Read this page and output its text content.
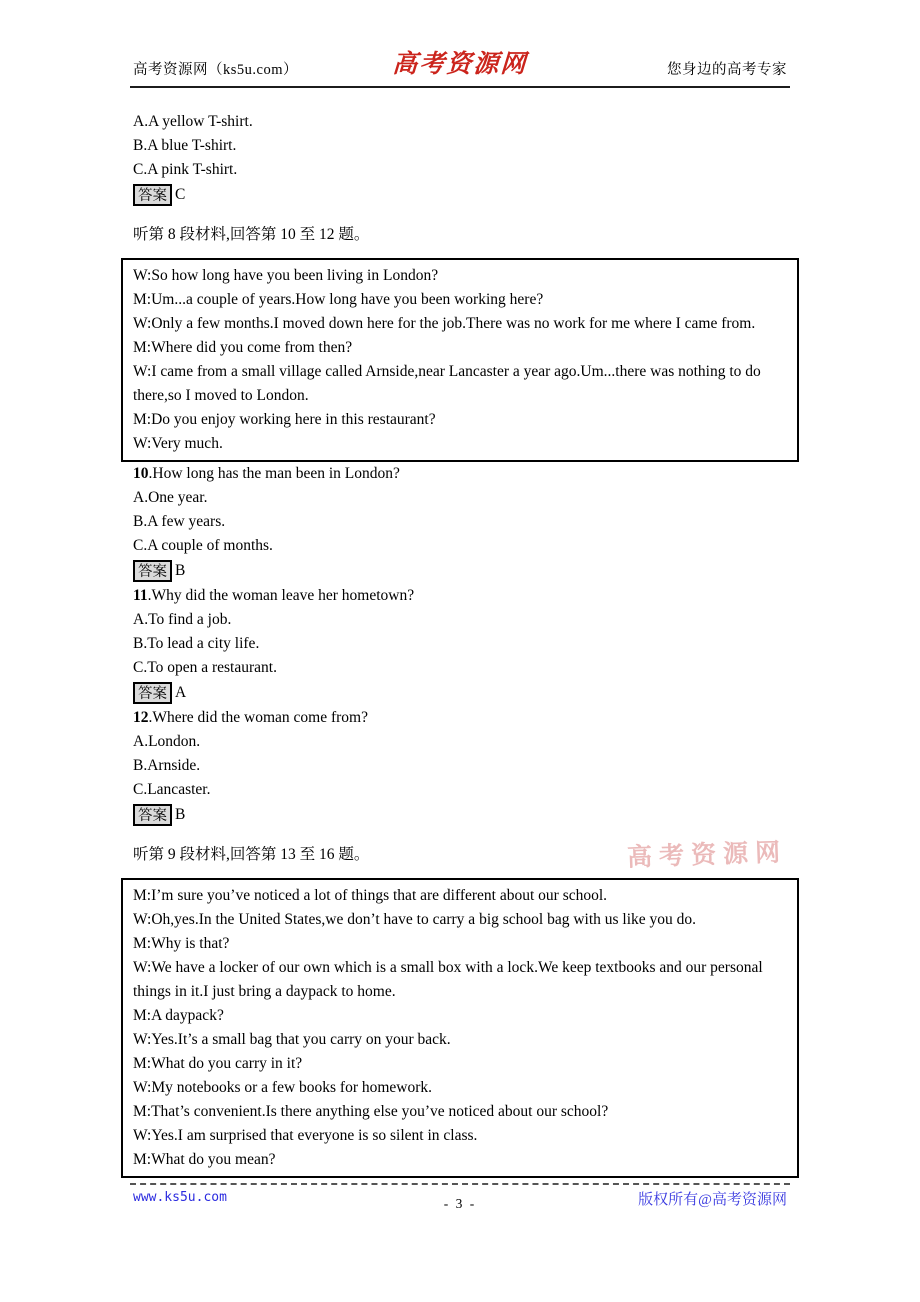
高考资源网（ks5u.com）	高考资源网	您身边的高考专家

A.A yellow T-shirt.

B.A blue T-shirt.

C.A pink T-shirt.

答案 C

听第 8 段材料,回答第 10 至 12 题。

W:So how long have you been living in London?

M:Um...a couple of years.How long have you been working here?

W:Only a few months.I moved down here for the job.There was no work for me where I came from.

M:Where did you come from then?

W:I came from a small village called Arnside,near Lancaster a year ago.Um...there was nothing to do there,so I moved to London.

M:Do you enjoy working here in this restaurant?

W:Very much.

10.How long has the man been in London?

A.One year.

B.A few years.

C.A couple of months.

答案 B

11.Why did the woman leave her hometown?

A.To find a job.

B.To lead a city life.

C.To open a restaurant.

答案 A

12.Where did the woman come from?

A.London.

B.Arnside.

C.Lancaster.

答案 B

听第 9 段材料,回答第 13 至 16 题。

M:I’m sure you’ve noticed a lot of things that are different about our school.

W:Oh,yes.In the United States,we don’t have to carry a big school bag with us like you do.

M:Why is that?

W:We have a locker of our own which is a small box with a lock.We keep textbooks and our personal things in it.I just bring a daypack to home.

M:A daypack?

W:Yes.It’s a small bag that you carry on your back.

M:What do you carry in it?

W:My notebooks or a few books for homework.

M:That’s convenient.Is there anything else you’ve noticed about our school?

W:Yes.I am surprised that everyone is so silent in class.

M:What do you mean?

高考资源网
www.ks5u.com	- 3 -	版权所有@高考资源网
